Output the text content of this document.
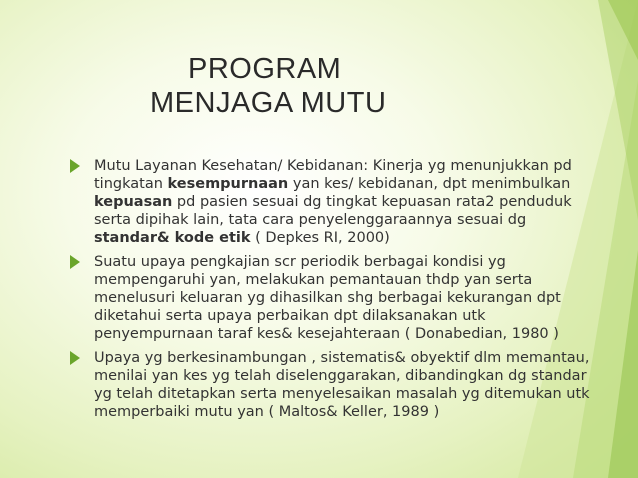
PROGRAM
MENJAGA MUTU
Mutu Layanan Kesehatan/ Kebidanan: Kinerja yg menunjukkan pd tingkatan kesempurnaan yan kes/ kebidanan, dpt menimbulkan kepuasan pd pasien sesuai dg tingkat kepuasan rata2 penduduk serta dipihak lain, tata cara penyelenggaraannya sesuai dg standar& kode etik ( Depkes RI, 2000)
Suatu upaya pengkajian scr periodik berbagai kondisi yg mempengaruhi yan, melakukan pemantauan thdp yan serta menelusuri keluaran yg dihasilkan shg berbagai kekurangan dpt diketahui serta upaya perbaikan dpt dilaksanakan utk penyempurnaan taraf kes& kesejahteraan ( Donabedian, 1980 )
Upaya yg berkesinambungan , sistematis& obyektif dlm memantau, menilai yan kes yg telah diselenggarakan, dibandingkan dg standar yg telah ditetapkan serta menyelesaikan masalah yg ditemukan utk memperbaiki mutu yan ( Maltos& Keller, 1989 )
